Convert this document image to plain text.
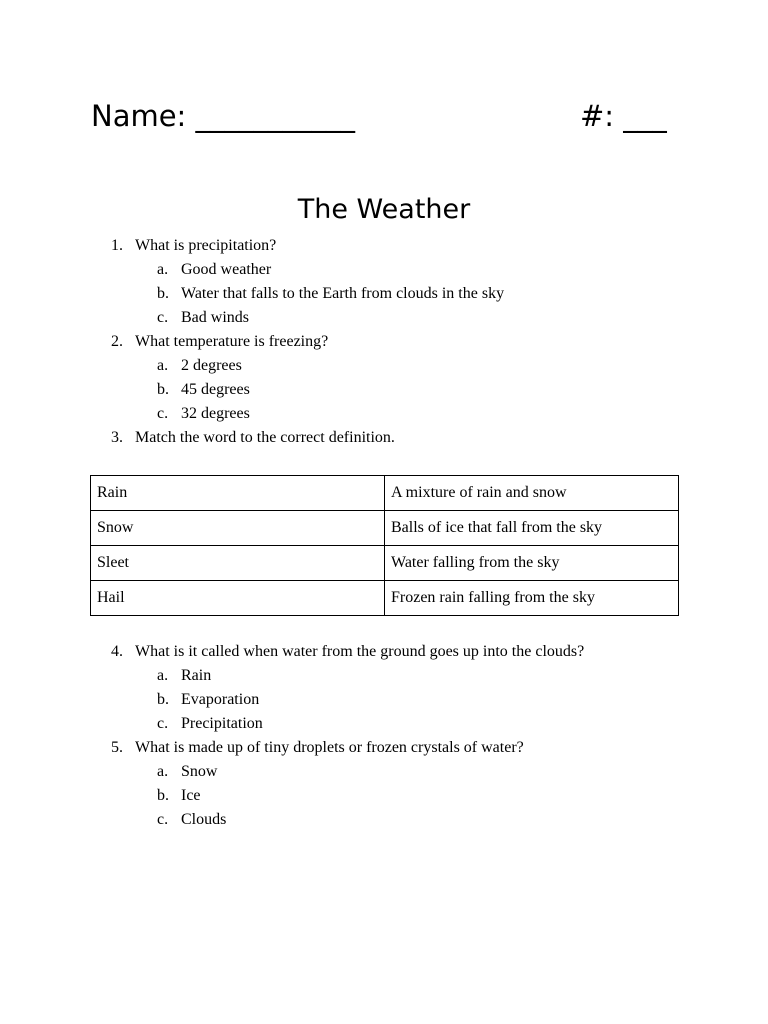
Name: ___________	#: ___
The Weather
1. What is precipitation?
a. Good weather
b. Water that falls to the Earth from clouds in the sky
c. Bad winds
2. What temperature is freezing?
a. 2 degrees
b. 45 degrees
c. 32 degrees
3. Match the word to the correct definition.
Rain	A mixture of rain and snow
Snow	Balls of ice that fall from the sky
Sleet	Water falling from the sky
Hail	Frozen rain falling from the sky
4. What is it called when water from the ground goes up into the clouds?
a. Rain
b. Evaporation
c. Precipitation
5. What is made up of tiny droplets or frozen crystals of water?
a. Snow
b. Ice
c. Clouds
